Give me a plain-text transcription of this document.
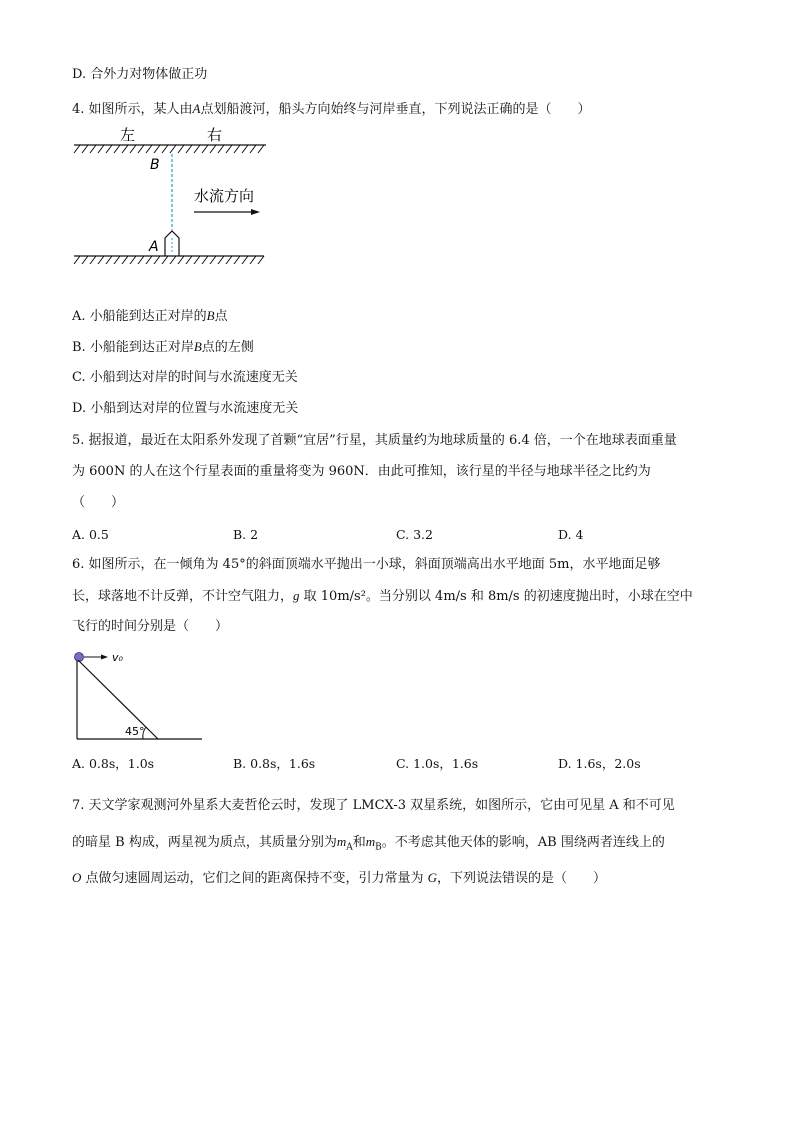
D. 合外力对物体做正功
4. 如图所示，某人由A点划船渡河，船头方向始终与河岸垂直，下列说法正确的是（　　）
左	右
B
水流方向
A
A. 小船能到达正对岸的B点
B. 小船能到达正对岸B点的左侧
C. 小船到达对岸的时间与水流速度无关
D. 小船到达对岸的位置与水流速度无关
5. 据报道，最近在太阳系外发现了首颗“宜居”行星，其质量约为地球质量的 6.4 倍，一个在地球表面重量
为 600N 的人在这个行星表面的重量将变为 960N．由此可推知，该行星的半径与地球半径之比约为
（　　）
A. 0.5	B. 2	C. 3.2	D. 4
6. 如图所示，在一倾角为 45°的斜面顶端水平抛出一小球，斜面顶端高出水平地面 5m，水平地面足够
长，球落地不计反弹，不计空气阻力，g 取 10m/s²。当分别以 4m/s 和 8m/s 的初速度抛出时，小球在空中
飞行的时间分别是（　　）
v₀
45°
A. 0.8s，1.0s	B. 0.8s，1.6s	C. 1.0s，1.6s	D. 1.6s，2.0s
7. 天文学家观测河外星系大麦哲伦云时，发现了 LMCX-3 双星系统，如图所示，它由可见星 A 和不可见
的暗星 B 构成，两星视为质点，其质量分别为$m_A$和$m_B$。不考虑其他天体的影响，AB 围绕两者连线上的
O 点做匀速圆周运动，它们之间的距离保持不变，引力常量为 G，下列说法错误的是（　　）
